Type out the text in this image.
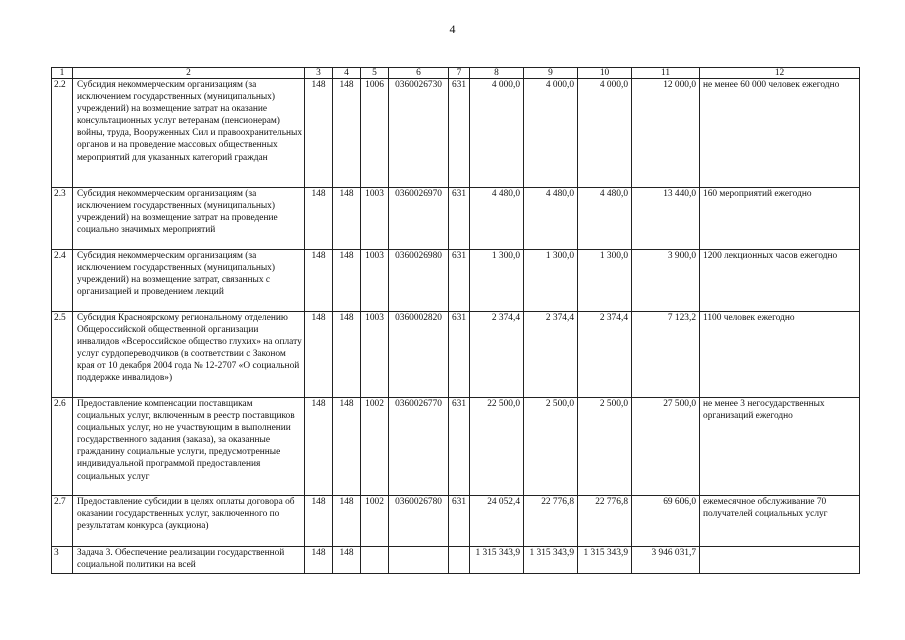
4
1	2	3	4	5	6	7	8	9	10	11	12
2.2	Субсидия некоммерческим организациям (за исключением государственных (муниципальных) учреждений) на возмещение затрат на оказание консультационных услуг ветеранам (пенсионерам) войны, труда, Вооруженных Сил и правоохранительных органов и на проведение массовых общественных мероприятий для указанных категорий граждан	148	148	1006	0360026730	631	4 000,0	4 000,0	4 000,0	12 000,0	не менее 60 000 человек ежегодно
2.3	Субсидия некоммерческим организациям (за исключением государственных (муниципальных) учреждений) на возмещение затрат на проведение социально значимых мероприятий	148	148	1003	0360026970	631	4 480,0	4 480,0	4 480,0	13 440,0	160 мероприятий ежегодно
2.4	Субсидия некоммерческим организациям (за исключением государственных (муниципальных) учреждений) на возмещение затрат, связанных с организацией и проведением лекций	148	148	1003	0360026980	631	1 300,0	1 300,0	1 300,0	3 900,0	1200 лекционных часов ежегодно
2.5	Субсидия Красноярскому региональному отделению Общероссийской общественной организации инвалидов «Всероссийское общество глухих» на оплату услуг сурдопереводчиков (в соответствии с Законом края от 10 декабря 2004 года № 12-2707 «О социальной поддержке инвалидов»)	148	148	1003	0360002820	631	2 374,4	2 374,4	2 374,4	7 123,2	1100 человек ежегодно
2.6	Предоставление компенсации поставщикам социальных услуг, включенным в реестр поставщиков социальных услуг, но не участвующим в выполнении государственного задания (заказа), за оказанные гражданину социальные услуги, предусмотренные индивидуальной программой предоставления социальных услуг	148	148	1002	0360026770	631	22 500,0	2 500,0	2 500,0	27 500,0	не менее 3 негосударственных организаций ежегодно
2.7	Предоставление субсидии в целях оплаты договора об оказании государственных услуг, заключенного по результатам конкурса (аукциона)	148	148	1002	0360026780	631	24 052,4	22 776,8	22 776,8	69 606,0	ежемесячное обслуживание 70 получателей социальных услуг
3	Задача 3. Обеспечение реализации государственной социальной политики на всей	148	148				1 315 343,9	1 315 343,9	1 315 343,9	3 946 031,7	
